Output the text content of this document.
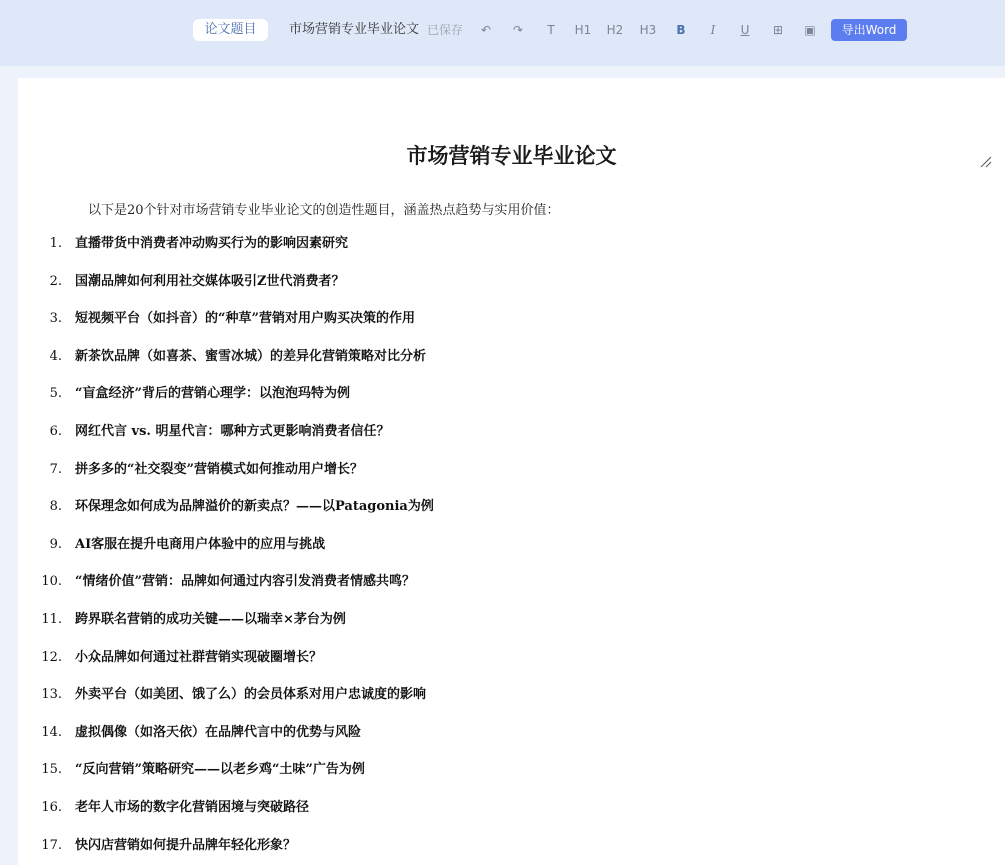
论文题目	市场营销专业毕业论文 已保存	↶	↷	T	H1 H2 H3	B	I	U	⊞	▣	导出Word
市场营销专业毕业论文
以下是20个针对市场营销专业毕业论文的创造性题目，涵盖热点趋势与实用价值：
1. 直播带货中消费者冲动购买行为的影响因素研究
2. 国潮品牌如何利用社交媒体吸引Z世代消费者？
3. 短视频平台（如抖音）的“种草”营销对用户购买决策的作用
4. 新茶饮品牌（如喜茶、蜜雪冰城）的差异化营销策略对比分析
5. “盲盒经济”背后的营销心理学：以泡泡玛特为例
6. 网红代言 vs. 明星代言：哪种方式更影响消费者信任？
7. 拼多多的“社交裂变”营销模式如何推动用户增长？
8. 环保理念如何成为品牌溢价的新卖点？——以Patagonia为例
9. AI客服在提升电商用户体验中的应用与挑战
10. “情绪价值”营销：品牌如何通过内容引发消费者情感共鸣？
11. 跨界联名营销的成功关键——以瑞幸×茅台为例
12. 小众品牌如何通过社群营销实现破圈增长？
13. 外卖平台（如美团、饿了么）的会员体系对用户忠诚度的影响
14. 虚拟偶像（如洛天依）在品牌代言中的优势与风险
15. “反向营销”策略研究——以老乡鸡“土味”广告为例
16. 老年人市场的数字化营销困境与突破路径
17. 快闪店营销如何提升品牌年轻化形象？
